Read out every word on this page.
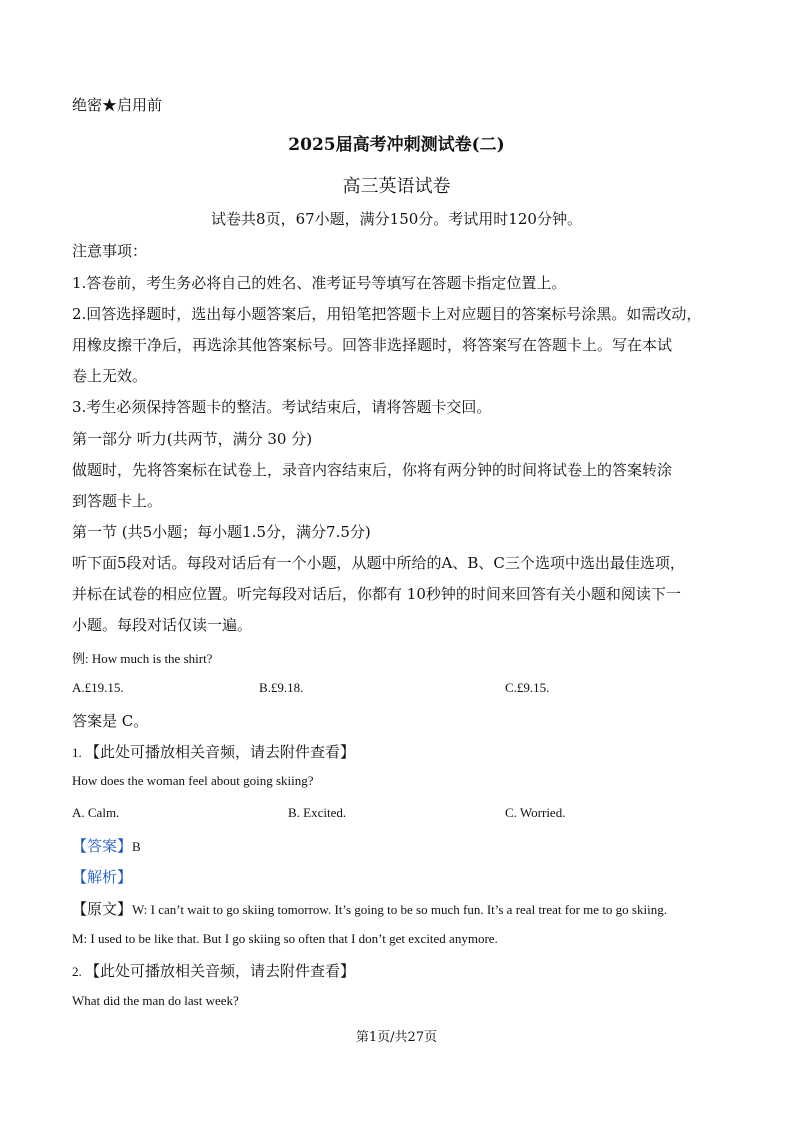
绝密★启用前
2025届高考冲刺测试卷(二)
高三英语试卷
试卷共8页，67小题，满分150分。考试用时120分钟。
注意事项：
1.答卷前，考生务必将自己的姓名、准考证号等填写在答题卡指定位置上。
2.回答选择题时，选出每小题答案后，用铅笔把答题卡上对应题目的答案标号涂黑。如需改动，
用橡皮擦干净后，再选涂其他答案标号。回答非选择题时，将答案写在答题卡上。写在本试
卷上无效。
3.考生必须保持答题卡的整洁。考试结束后，请将答题卡交回。
第一部分 听力(共两节，满分 30 分)
做题时，先将答案标在试卷上，录音内容结束后，你将有两分钟的时间将试卷上的答案转涂
到答题卡上。
第一节 (共5小题；每小题1.5分，满分7.5分)
听下面5段对话。每段对话后有一个小题，从题中所给的A、B、C三个选项中选出最佳选项，
并标在试卷的相应位置。听完每段对话后，你都有 10秒钟的时间来回答有关小题和阅读下一
小题。每段对话仅读一遍。
例: How much is the shirt?
A.£19.15.	B.£9.18.	C.£9.15.
答案是 C。
1. 【此处可播放相关音频，请去附件查看】
How does the woman feel about going skiing?
A. Calm.	B. Excited.	C. Worried.
【答案】B
【解析】
【原文】W: I can’t wait to go skiing tomorrow. It’s going to be so much fun. It’s a real treat for me to go skiing.
M: I used to be like that. But I go skiing so often that I don’t get excited anymore.
2. 【此处可播放相关音频，请去附件查看】
What did the man do last week?
第1页/共27页
